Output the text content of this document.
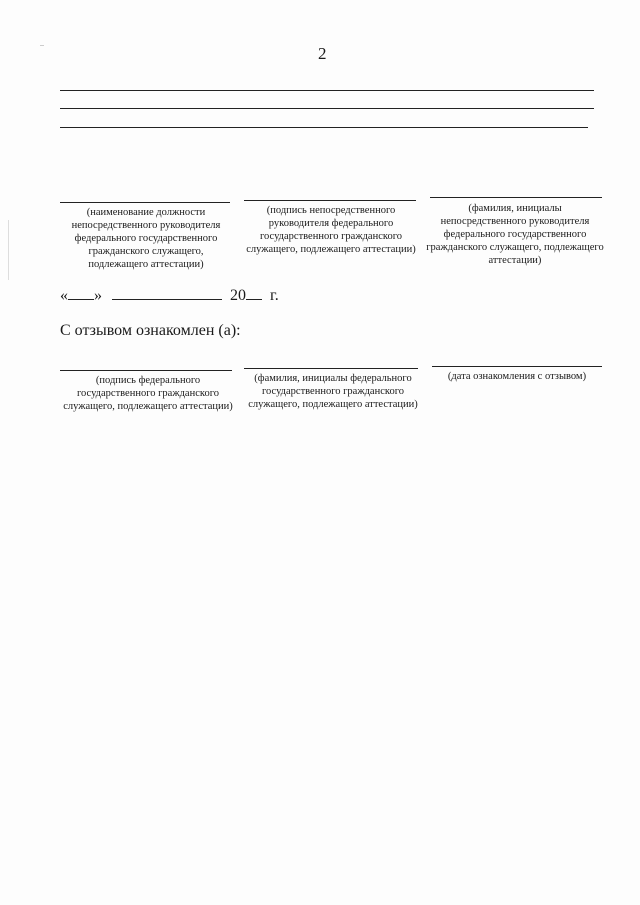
2
(наименование должности непосредственного руководителя федерального государственного гражданского служащего, подлежащего аттестации)
(подпись непосредственного руководителя федерального государственного гражданского служащего, подлежащего аттестации)
(фамилия, инициалы непосредственного руководителя федерального государственного гражданского служащего, подлежащего аттестации)
« »	20 г.
С отзывом ознакомлен (а):
(подпись федерального государственного гражданского служащего, подлежащего аттестации)
(фамилия, инициалы федерального государственного гражданского служащего, подлежащего аттестации)
(дата ознакомления с отзывом)
